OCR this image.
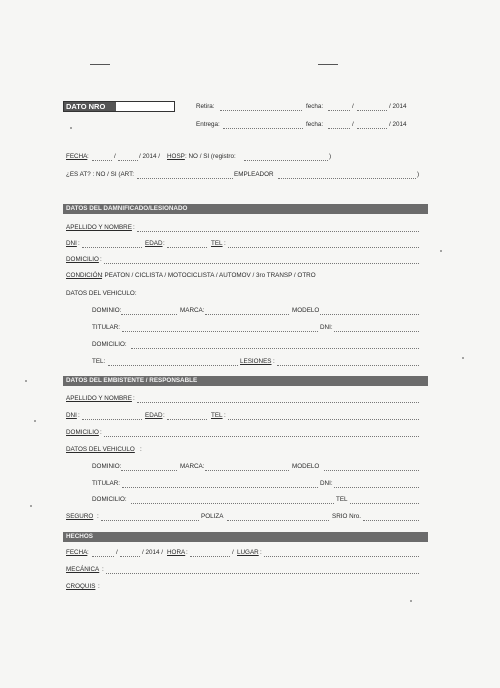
DATO NRO	Retira:	fecha:	/	/ 2014
Entrega:	fecha:	/	/ 2014
FECHA :	/	/ 2014 / HOSP : NO / SI (registro:	)
¿ES AT? : NO / SI (ART:	EMPLEADOR	)
DATOS DEL DAMNIFICADO/LESIONADO
APELLIDO Y NOMBRE :
DNI :	EDAD :	TEL :
DOMICILIO :
CONDICIÓN
: PEATON / CICLISTA / MOTOCICLISTA / AUTOMOV / 3ro TRANSP / OTRO
DATOS DEL VEHICULO:
DOMINIO:	MARCA:	MODELO
TITULAR:	DNI:
DOMICILIO:
TEL:	LESIONES :
DATOS DEL EMBISTENTE / RESPONSABLE
APELLIDO Y NOMBRE :
DNI :	EDAD :	TEL :
DOMICILIO :
DATOS DEL VEHICULO :
DOMINIO:	MARCA:	MODELO
TITULAR:	DNI:
DOMICILIO:	TEL
SEGURO :	POLIZA	SRIO Nro.
HECHOS
FECHA :	/	/ 2014 / HORA :	/ LUGAR :
MECÁNICA :
CROQUIS :
